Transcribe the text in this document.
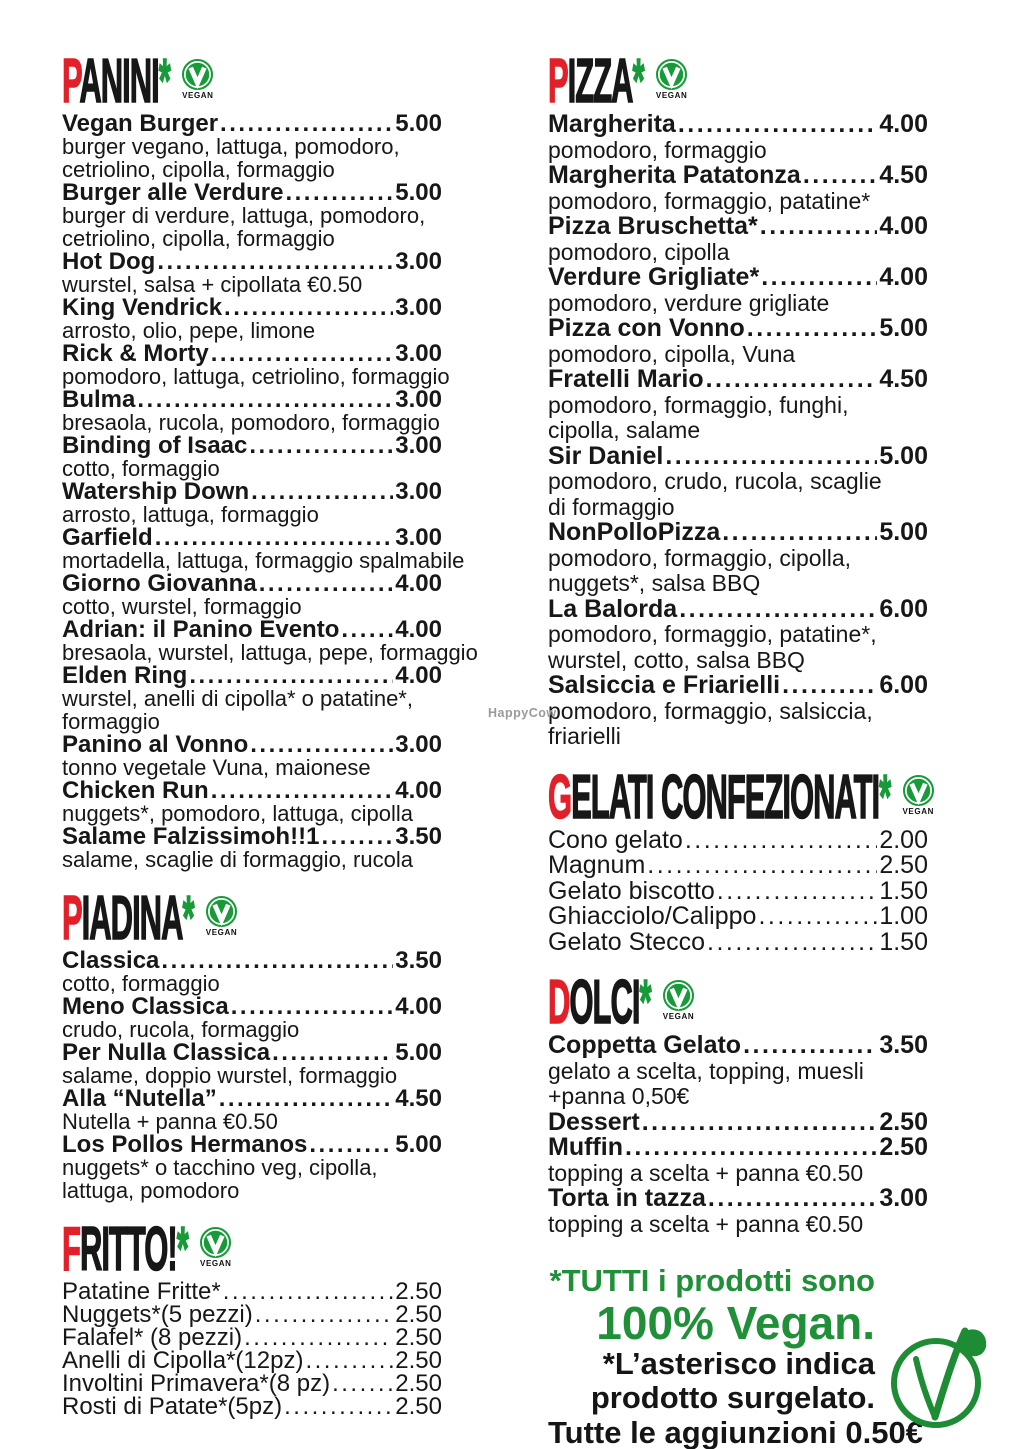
PANINI* VEGAN
Vegan Burger .....	5.00
burger vegano, lattuga, pomodoro,
cetriolino, cipolla, formaggio
Burger alle Verdure .....	5.00
burger di verdure, lattuga, pomodoro,
cetriolino, cipolla, formaggio
Hot Dog .....	3.00
wurstel, salsa + cipollata €0.50
King Vendrick .....	3.00
arrosto, olio, pepe, limone
Rick & Morty .....	3.00
pomodoro, lattuga, cetriolino, formaggio
Bulma .....	3.00
bresaola, rucola, pomodoro, formaggio
Binding of Isaac .....	3.00
cotto, formaggio
Watership Down .....	3.00
arrosto, lattuga, formaggio
Garfield .....	3.00
mortadella, lattuga, formaggio spalmabile
Giorno Giovanna .....	4.00
cotto, wurstel, formaggio
Adrian: il Panino Evento ..... 4.00
bresaola, wurstel, lattuga, pepe, formaggio
Elden Ring .....	4.00
wurstel, anelli di cipolla* o patatine*,
formaggio
Panino al Vonno .....	3.00
tonno vegetale Vuna, maionese
Chicken Run .....	4.00
nuggets*, pomodoro, lattuga, cipolla
Salame Falzissimoh!!1 .....	3.50
salame, scaglie di formaggio, rucola
PIADINA* VEGAN
Classica .....	3.50
cotto, formaggio
Meno Classica .....	4.00
crudo, rucola, formaggio
Per Nulla Classica .....	5.00
salame, doppio wurstel, formaggio
Alla “Nutella” .....	4.50
Nutella + panna €0.50
Los Pollos Hermanos .....	5.00
nuggets* o tacchino veg, cipolla,
lattuga, pomodoro
FRITTO!* VEGAN
Patatine Fritte* .....	2.50
Nuggets*(5 pezzi) .....	2.50
Falafel* (8 pezzi) .....	2.50
Anelli di Cipolla*(12pz) .....	2.50
Involtini Primavera*(8 pz) .....	2.50
Rosti di Patate*(5pz) .....	2.50
PIZZA* VEGAN
Margherita .....	4.00
pomodoro, formaggio
Margherita Patatonza .....	4.50
pomodoro, formaggio, patatine*
Pizza Bruschetta* .....	4.00
pomodoro, cipolla
Verdure Grigliate* .....	4.00
pomodoro, verdure grigliate
Pizza con Vonno .....	5.00
pomodoro, cipolla, Vuna
Fratelli Mario .....	4.50
pomodoro, formaggio, funghi,
cipolla, salame
Sir Daniel .....	5.00
pomodoro, crudo, rucola, scaglie
di formaggio
NonPolloPizza .....	5.00
pomodoro, formaggio, cipolla,
nuggets*, salsa BBQ
La Balorda .....	6.00
pomodoro, formaggio, patatine*,
wurstel, cotto, salsa BBQ
Salsiccia e Friarielli .....	6.00
pomodoro, formaggio, salsiccia,
friarielli
GELATI CONFEZIONATI* VEGAN
Cono gelato .....	2.00
Magnum .....	2.50
Gelato biscotto .....	1.50
Ghiacciolo/Calippo .....	1.00
Gelato Stecco .....	1.50
DOLCI* VEGAN
Coppetta Gelato .....	3.50
gelato a scelta, topping, muesli
+panna 0,50€
Dessert .....	2.50
Muffin .....	2.50
topping a scelta + panna €0.50
Torta in tazza .....	3.00
topping a scelta + panna €0.50
*TUTTI i prodotti sono
100% Vegan.
*L’asterisco indica
prodotto surgelato.
Tutte le aggiunzioni 0.50€
HappyCow
